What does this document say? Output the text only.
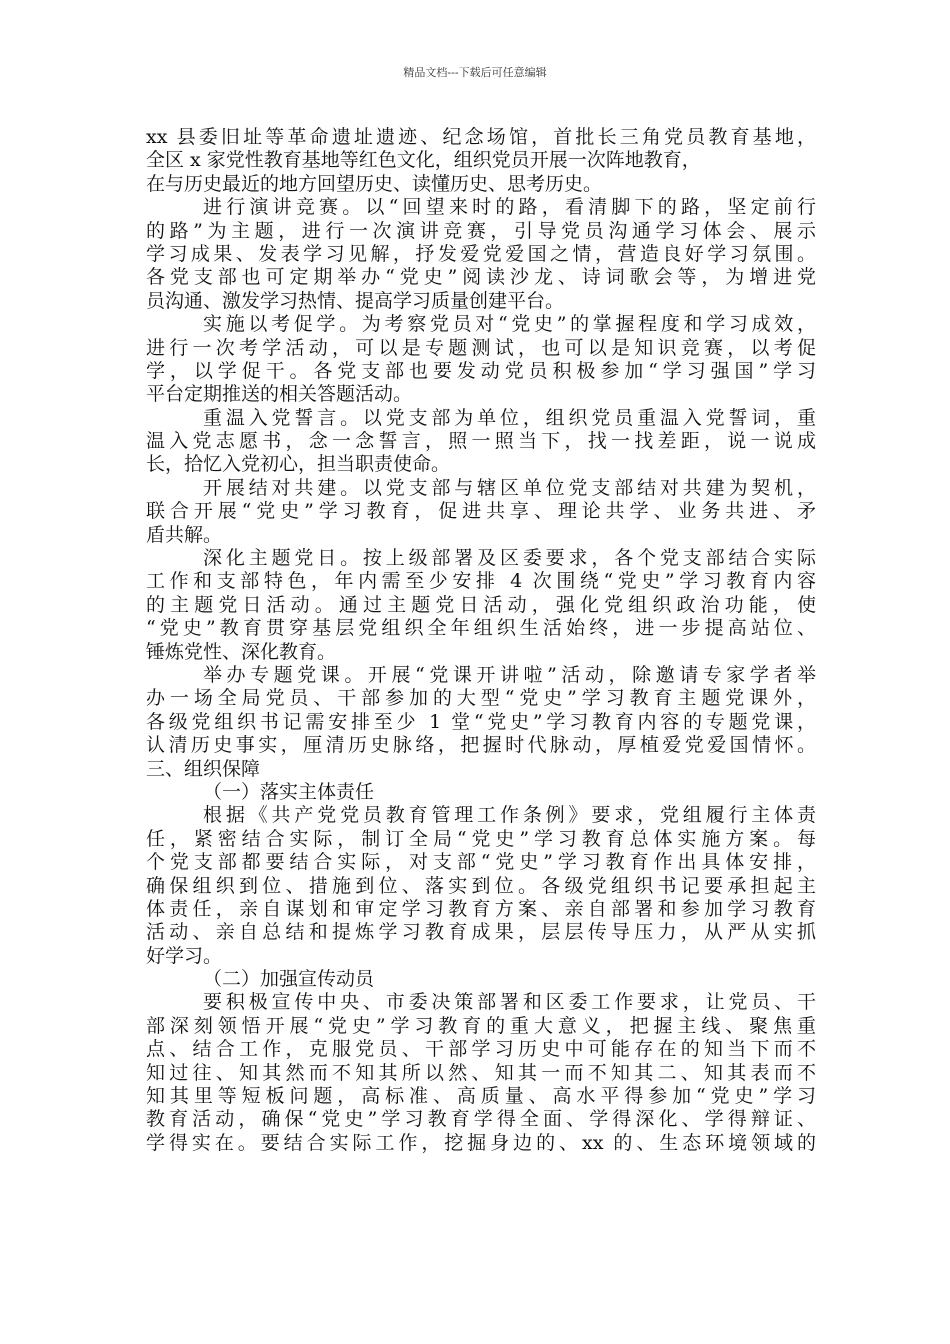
精品文档---下载后可任意编辑
xx 县委旧址等革命遗址遗迹、纪念场馆，首批长三角党员教育基地，
全区 x 家党性教育基地等红色文化，组织党员开展一次阵地教育，
在与历史最近的地方回望历史、读懂历史、思考历史。
进行演讲竞赛。以“回望来时的路，看清脚下的路，坚定前行
的路”为主题，进行一次演讲竞赛，引导党员沟通学习体会、展示
学习成果、发表学习见解，抒发爱党爱国之情，营造良好学习氛围。
各党支部也可定期举办“党史”阅读沙龙、诗词歌会等，为增进党
员沟通、激发学习热情、提高学习质量创建平台。
实施以考促学。为考察党员对“党史”的掌握程度和学习成效，
进行一次考学活动，可以是专题测试，也可以是知识竞赛，以考促
学，以学促干。各党支部也要发动党员积极参加“学习强国”学习
平台定期推送的相关答题活动。
重温入党誓言。以党支部为单位，组织党员重温入党誓词，重
温入党志愿书，念一念誓言，照一照当下，找一找差距，说一说成
长，拾忆入党初心，担当职责使命。
开展结对共建。以党支部与辖区单位党支部结对共建为契机，
联合开展“党史”学习教育，促进共享、理论共学、业务共进、矛
盾共解。
深化主题党日。按上级部署及区委要求，各个党支部结合实际
工作和支部特色，年内需至少安排 4 次围绕“党史”学习教育内容
的主题党日活动。通过主题党日活动，强化党组织政治功能，使
“党史”教育贯穿基层党组织全年组织生活始终，进一步提高站位、
锤炼党性、深化教育。
举办专题党课。开展“党课开讲啦”活动，除邀请专家学者举
办一场全局党员、干部参加的大型“党史”学习教育主题党课外，
各级党组织书记需安排至少 1 堂“党史”学习教育内容的专题党课，
认清历史事实，厘清历史脉络，把握时代脉动，厚植爱党爱国情怀。
三、组织保障
（一）落实主体责任
根据《共产党党员教育管理工作条例》要求，党组履行主体责
任，紧密结合实际，制订全局“党史”学习教育总体实施方案。每
个党支部都要结合实际，对支部“党史”学习教育作出具体安排，
确保组织到位、措施到位、落实到位。各级党组织书记要承担起主
体责任，亲自谋划和审定学习教育方案、亲自部署和参加学习教育
活动、亲自总结和提炼学习教育成果，层层传导压力，从严从实抓
好学习。
（二）加强宣传动员
要积极宣传中央、市委决策部署和区委工作要求，让党员、干
部深刻领悟开展“党史”学习教育的重大意义，把握主线、聚焦重
点、结合工作，克服党员、干部学习历史中可能存在的知当下而不
知过往、知其然而不知其所以然、知其一而不知其二、知其表而不
知其里等短板问题，高标准、高质量、高水平得参加“党史”学习
教育活动，确保“党史”学习教育学得全面、学得深化、学得辩证、
学得实在。要结合实际工作，挖掘身边的、xx 的、生态环境领域的
